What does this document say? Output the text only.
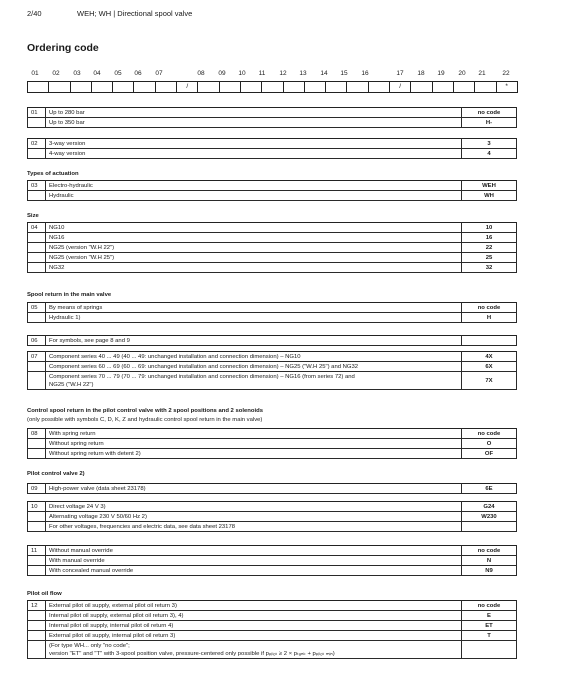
2/40	WEH; WH | Directional spool valve
Ordering code
01	02	03	04	05	06	07	08	09	10	11	12	13	14	15	16	17	18	19	20	21	22
/	/	*
01	Up to 280 bar	no code
	Up to 350 bar	H-
02	3-way version	3
	4-way version	4
Types of actuation
03	Electro-hydraulic	WEH
	Hydraulic	WH
Size
04	NG10	10
	NG16	16
	NG25 (version "W.H 22")	22
	NG25 (version "W.H 25")	25
	NG32	32
Spool return in the main valve
05	By means of springs	no code
	Hydraulic 1)	H
06	For symbols, see page 8 and 9	
07	Component series 40 ... 49 (40 ... 49: unchanged installation and connection dimension) – NG10	4X
	Component series 60 ... 69 (60 ... 69: unchanged installation and connection dimension) – NG25 ("W.H 25") and NG32	6X
	Component series 70 ... 79 (70 ... 79: unchanged installation and connection dimension) – NG16 (from series 72) and
NG25 ("W.H 22")	7X
Control spool return in the pilot control valve with 2 spool positions and 2 solenoids
(only possible with symbols C, D, K, Z and hydraulic control spool return in the main valve)
08	With spring return	no code
	Without spring return	O
	Without spring return with detent 2)	OF
Pilot control valve 2)
09	High-power valve (data sheet 23178)	6E
10	Direct voltage 24 V 3)	G24
	Alternating voltage 230 V 50/60 Hz 2)	W230
	For other voltages, frequencies and electric data, see data sheet 23178	
11	Without manual override	no code
	With manual override	N
	With concealed manual override	N9
Pilot oil flow
12	External pilot oil supply, external pilot oil return 3)	no code
	Internal pilot oil supply, external pilot oil return 3), 4)	E
	Internal pilot oil supply, internal pilot oil return 4)	ET
	External pilot oil supply, internal pilot oil return 3)	T
	(For type WH... only "no code";
version "ET" and "T" with 3-spool position valve, pressure-centered only possible if pₚᵢₗₒₜ ≥ 2 × pₜₐₙₖ + pₚᵢₗₒₜ ₘᵢₙ)	
